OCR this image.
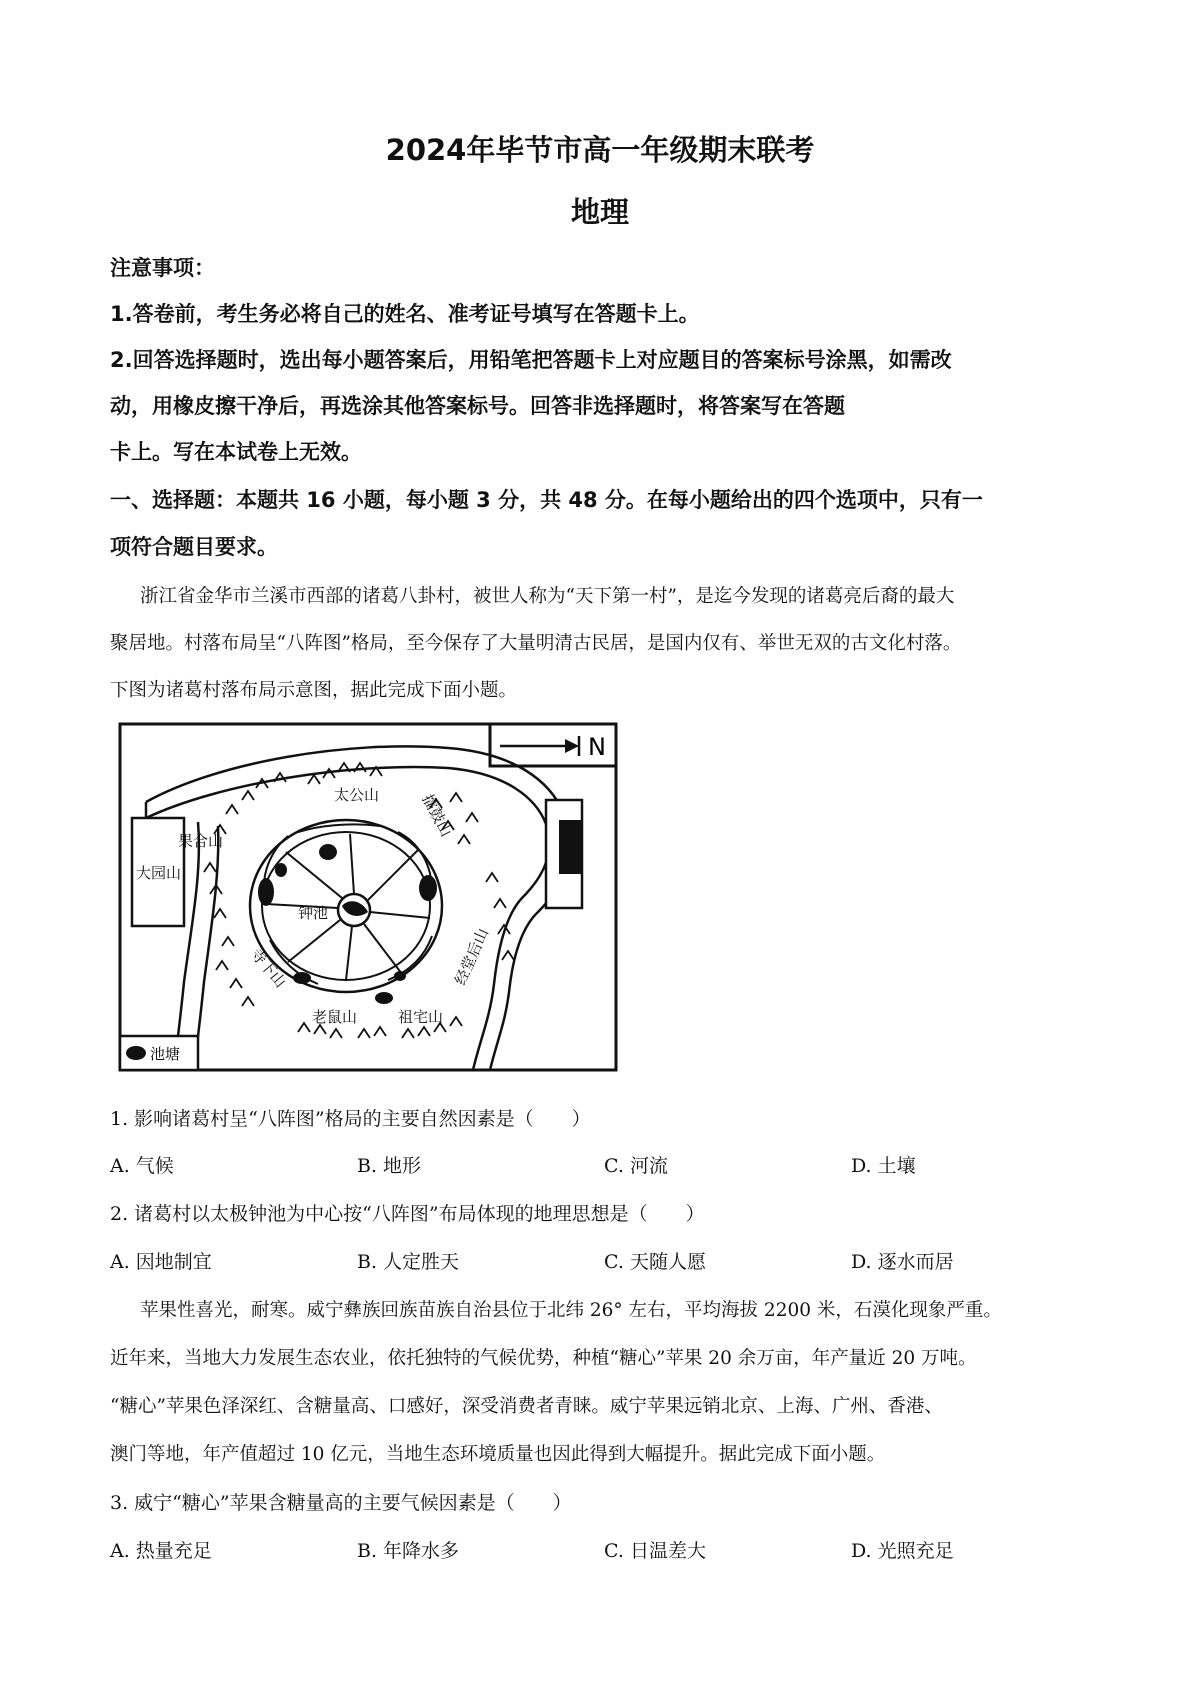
2024年毕节市高一年级期末联考
地理
注意事项：
1.答卷前，考生务必将自己的姓名、准考证号填写在答题卡上。
2.回答选择题时，选出每小题答案后，用铅笔把答题卡上对应题目的答案标号涂黑，如需改
动，用橡皮擦干净后，再选涂其他答案标号。回答非选择题时，将答案写在答题
卡上。写在本试卷上无效。
一、选择题：本题共 16 小题，每小题 3 分，共 48 分。在每小题给出的四个选项中，只有一
项符合题目要求。
浙江省金华市兰溪市西部的诸葛八卦村，被世人称为“天下第一村”，是迄今发现的诸葛亮后裔的最大
聚居地。村落布局呈“八阵图”格局，至今保存了大量明清古民居，是国内仅有、举世无双的古文化村落。
下图为诸葛村落布局示意图，据此完成下面小题。
N
太公山
果合山
大园山
钟池
老鼠山	祖宅山
擂鼓山
经堂后山
寺下山
池塘
1. 影响诸葛村呈“八阵图”格局的主要自然因素是（　　）
A. 气候	B. 地形	C. 河流	D. 土壤
2. 诸葛村以太极钟池为中心按“八阵图”布局体现的地理思想是（　　）
A. 因地制宜	B. 人定胜天	C. 天随人愿	D. 逐水而居
苹果性喜光，耐寒。威宁彝族回族苗族自治县位于北纬 26° 左右，平均海拔 2200 米，石漠化现象严重。
近年来，当地大力发展生态农业，依托独特的气候优势，种植“糖心”苹果 20 余万亩，年产量近 20 万吨。
“糖心”苹果色泽深红、含糖量高、口感好，深受消费者青睐。威宁苹果远销北京、上海、广州、香港、
澳门等地，年产值超过 10 亿元，当地生态环境质量也因此得到大幅提升。据此完成下面小题。
3. 威宁“糖心”苹果含糖量高的主要气候因素是（　　）
A. 热量充足	B. 年降水多	C. 日温差大	D. 光照充足
